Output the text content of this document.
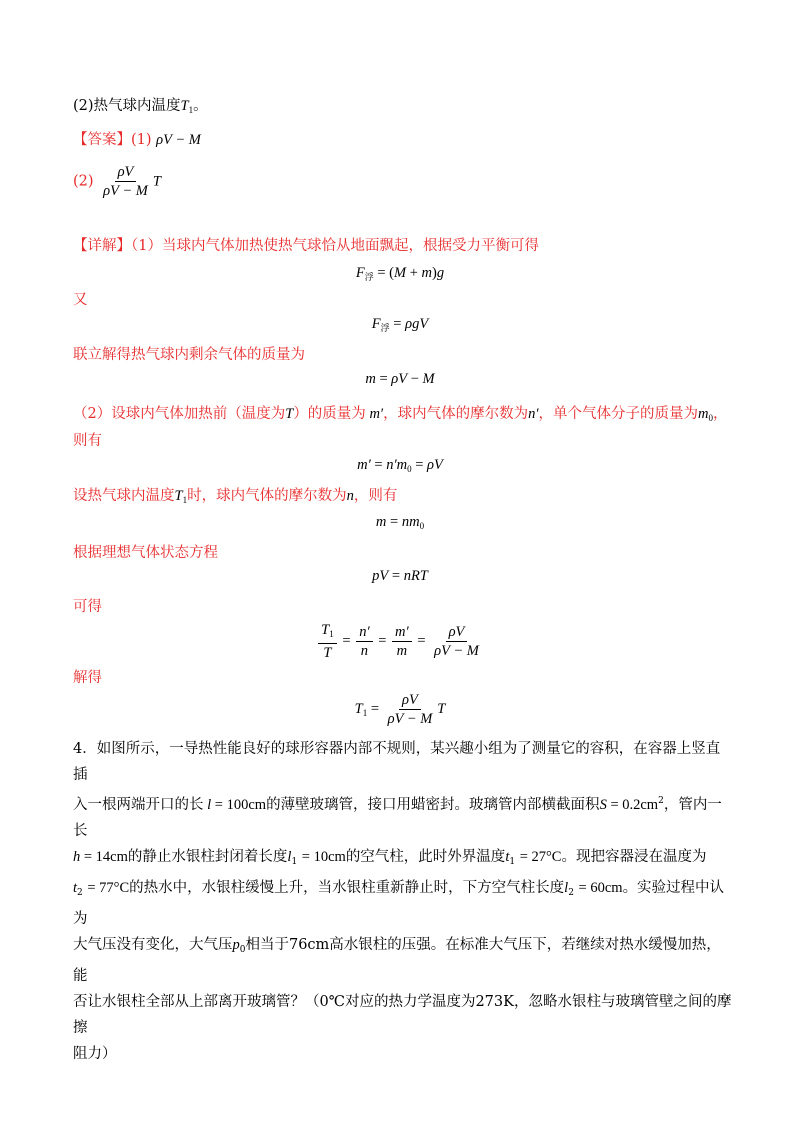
(2)热气球内温度$T_1$。
【答案】(1) ρV − M
$(2) \frac{\rho V}{\rho V - M}$ T
【详解】（1）当球内气体加热使热气球恰从地面飘起，根据受力平衡可得
$F_浮 = (M + m)g$
又
$F_浮 = \rho gV$
联立解得热气球内剩余气体的质量为
m = ρV − M
（2）设球内气体加热前（温度为T）的质量为 m′，球内气体的摩尔数为n′，单个气体分子的质量为$m_0$，
则有
$m' = n'm_0 = \rho V$
设热气球内温度$T_1$时，球内气体的摩尔数为n，则有
$m = nm_0$
根据理想气体状态方程
pV = nRT
可得
$\frac{T_1}{T} = \frac{n'}{n} = \frac{m'}{m} = \frac{\rho V}{\rho V - M}$
解得
$T_1 = \frac{\rho V}{\rho V - M}$ T
4．如图所示，一导热性能良好的球形容器内部不规则，某兴趣小组为了测量它的容积，在容器上竖直插
入一根两端开口的长 l = 100cm的薄壁玻璃管，接口用蜡密封。玻璃管内部横截面积$S = 0.2cm^2$，管内一长
h = 14cm的静止水银柱封闭着长度$l_1 = 10cm$的空气柱，此时外界温度$t_1 = 27^\circ C$。现把容器浸在温度为
$t_2 = 77^\circ C$的热水中，水银柱缓慢上升，当水银柱重新静止时，下方空气柱长度$l_2 = 60cm$。实验过程中认为
大气压没有变化，大气压$p_0$相当于76cm高水银柱的压强。在标准大气压下，若继续对热水缓慢加热，能
否让水银柱全部从上部离开玻璃管？（0℃对应的热力学温度为273K，忽略水银柱与玻璃管壁之间的摩擦
阻力）
